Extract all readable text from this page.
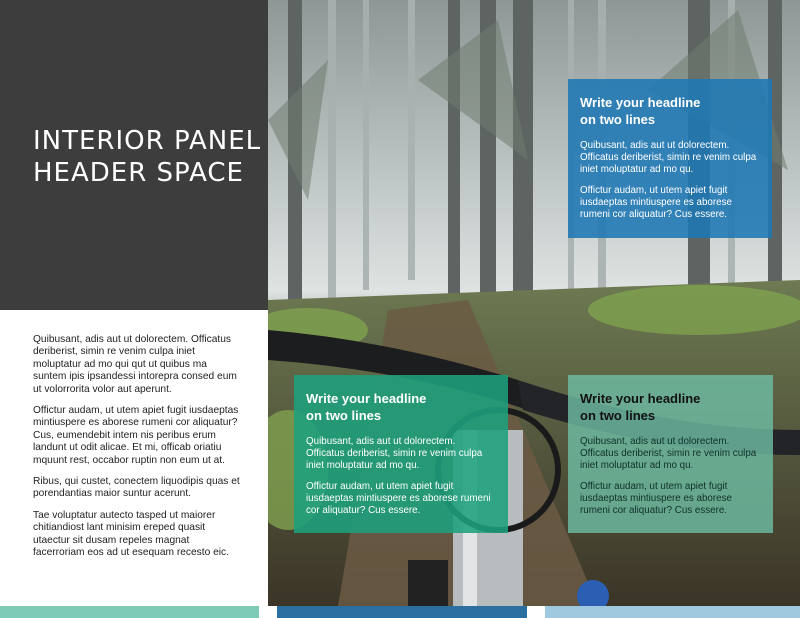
INTERIOR PANEL
HEADER SPACE

Quibusant, adis aut ut dolorectem. Officatus deriberist, simin re venim culpa iniet moluptatur ad mo qui qut ut quibus ma suntem ipis ipsandessi intorepra consed eum ut volorrorita volor aut aperunt.

Offictur audam, ut utem apiet fugit iusdaeptas mintiuspere es aborese rumeni cor aliquatur? Cus, eumendebit intem nis peribus erum landunt ut odit alicae. Et mi, officab oriatiu mquunt rest, occabor ruptin non eum ut at.

Ribus, qui custet, conectem liquodipis quas et porendantias maior suntur acerunt.

Tae voluptatur autecto tasped ut maiorer chitiandiost lant minisim ereped quasit utaectur sit dusam repeles magnat facerroriam eos ad ut esequam recesto eic.

Write your headline
on two lines

Quibusant, adis aut ut dolorectem. Officatus deriberist, simin re venim culpa iniet moluptatur ad mo qu.

Offictur audam, ut utem apiet fugit iusdaeptas mintiuspere es aborese rumeni cor aliquatur? Cus essere.

Write your headline
on two lines

Quibusant, adis aut ut dolorectem. Officatus deriberist, simin re venim culpa iniet moluptatur ad mo qu.

Offictur audam, ut utem apiet fugit iusdaeptas mintiuspere es aborese rumeni cor aliquatur? Cus essere.

Write your headline
on two lines

Quibusant, adis aut ut dolorectem. Officatus deriberist, simin re venim culpa iniet moluptatur ad mo qu.

Offictur audam, ut utem apiet fugit iusdaeptas mintiuspere es aborese rumeni cor aliquatur? Cus essere.
